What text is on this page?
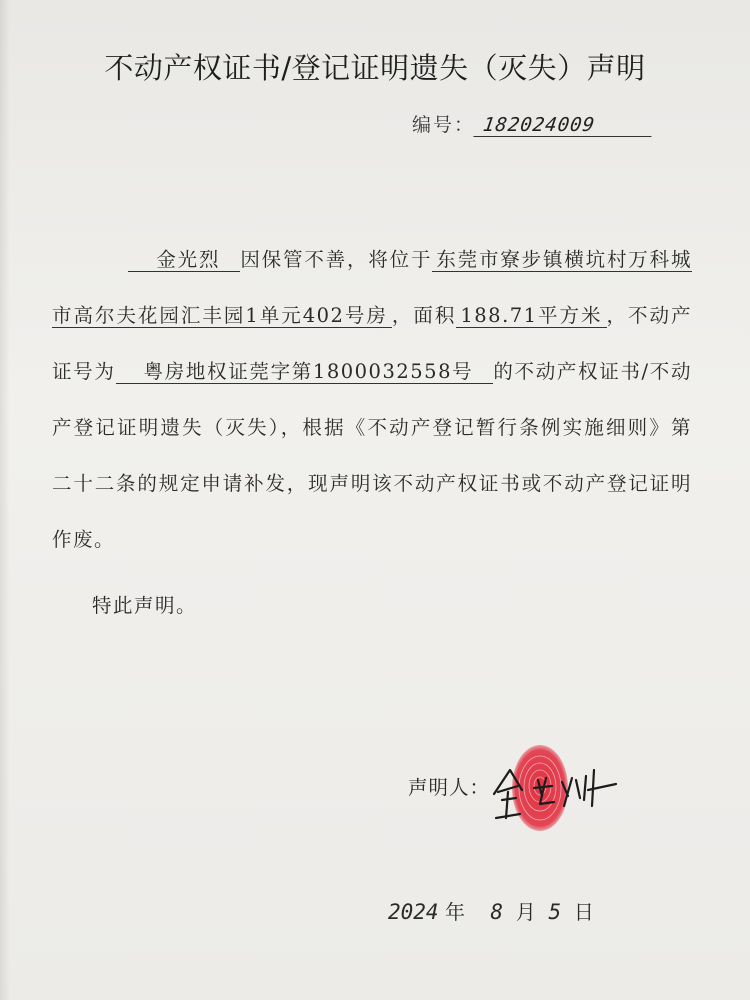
不动产权证书/登记证明遗失（灭失）声明
编号： 182024009
金光烈 因保管不善，将位于 东莞市寮步镇横坑村万科城市高尔夫花园汇丰园1单元402号房 ，面积 188.71平方米 ，不动产证号为 粤房地权证莞字第1800032558号 的不动产权证书/不动产登记证明遗失（灭失），根据《不动产登记暂行条例实施细则》第二十二条的规定申请补发，现声明该不动产权证书或不动产登记证明作废。
特此声明。
声明人：
2024 年 8 月 5 日
